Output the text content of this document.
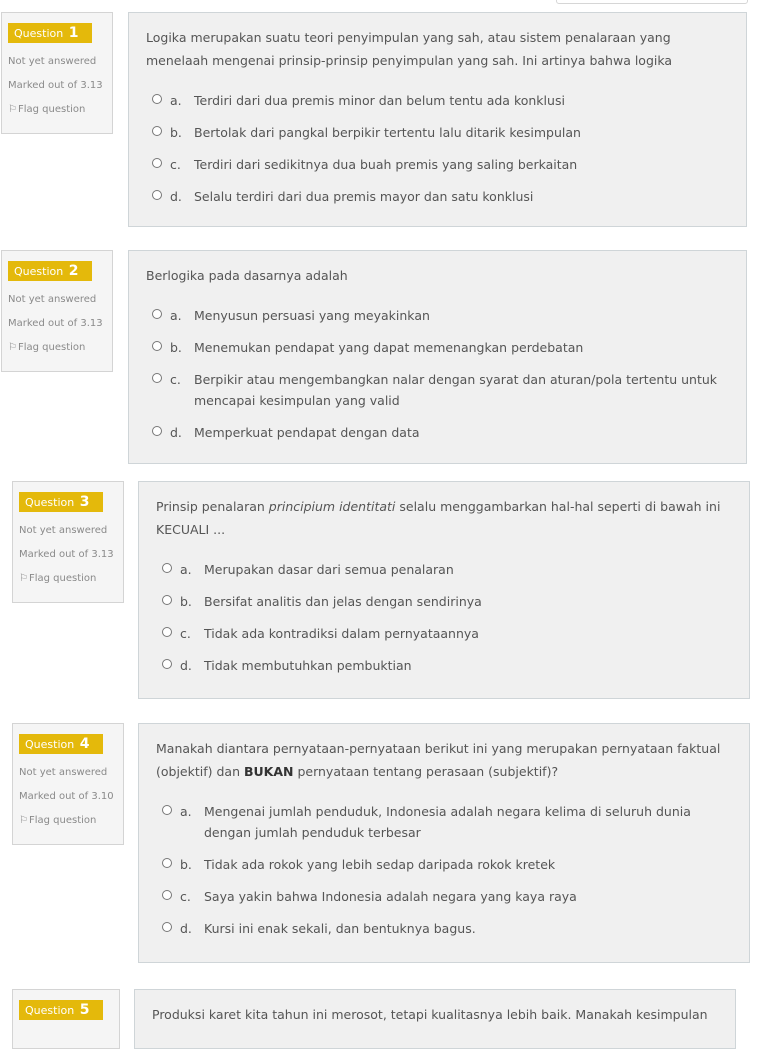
Question 1
Not yet answered
Marked out of 3.13
⚐Flag question
Logika merupakan suatu teori penyimpulan yang sah, atau sistem penalaraan yang menelaah mengenai prinsip-prinsip penyimpulan yang sah. Ini artinya bahwa logika
a. Terdiri dari dua premis minor dan belum tentu ada konklusi
b. Bertolak dari pangkal berpikir tertentu lalu ditarik kesimpulan
c.	Terdiri dari sedikitnya dua buah premis yang saling berkaitan
d. Selalu terdiri dari dua premis mayor dan satu konklusi
Question 2
Not yet answered
Marked out of 3.13
⚐Flag question
Berlogika pada dasarnya adalah
a. Menyusun persuasi yang meyakinkan
b. Menemukan pendapat yang dapat memenangkan perdebatan
c.	Berpikir atau mengembangkan nalar dengan syarat dan aturan/pola tertentu untuk mencapai kesimpulan yang valid
d. Memperkuat pendapat dengan data
Question 3
Not yet answered
Marked out of 3.13
⚐Flag question
Prinsip penalaran principium identitati selalu menggambarkan hal-hal seperti di bawah ini KECUALI ...
a. Merupakan dasar dari semua penalaran
b. Bersifat analitis dan jelas dengan sendirinya
c.	Tidak ada kontradiksi dalam pernyataannya
d. Tidak membutuhkan pembuktian
Question 4
Not yet answered
Marked out of 3.10
⚐Flag question
Manakah diantara pernyataan-pernyataan berikut ini yang merupakan pernyataan faktual (objektif) dan BUKAN pernyataan tentang perasaan (subjektif)?
a. Mengenai jumlah penduduk, Indonesia adalah negara kelima di seluruh dunia dengan jumlah penduduk terbesar
b. Tidak ada rokok yang lebih sedap daripada rokok kretek
c.	Saya yakin bahwa Indonesia adalah negara yang kaya raya
d. Kursi ini enak sekali, dan bentuknya bagus.
Question 5	Produksi karet kita tahun ini merosot, tetapi kualitasnya lebih baik. Manakah kesimpulan
